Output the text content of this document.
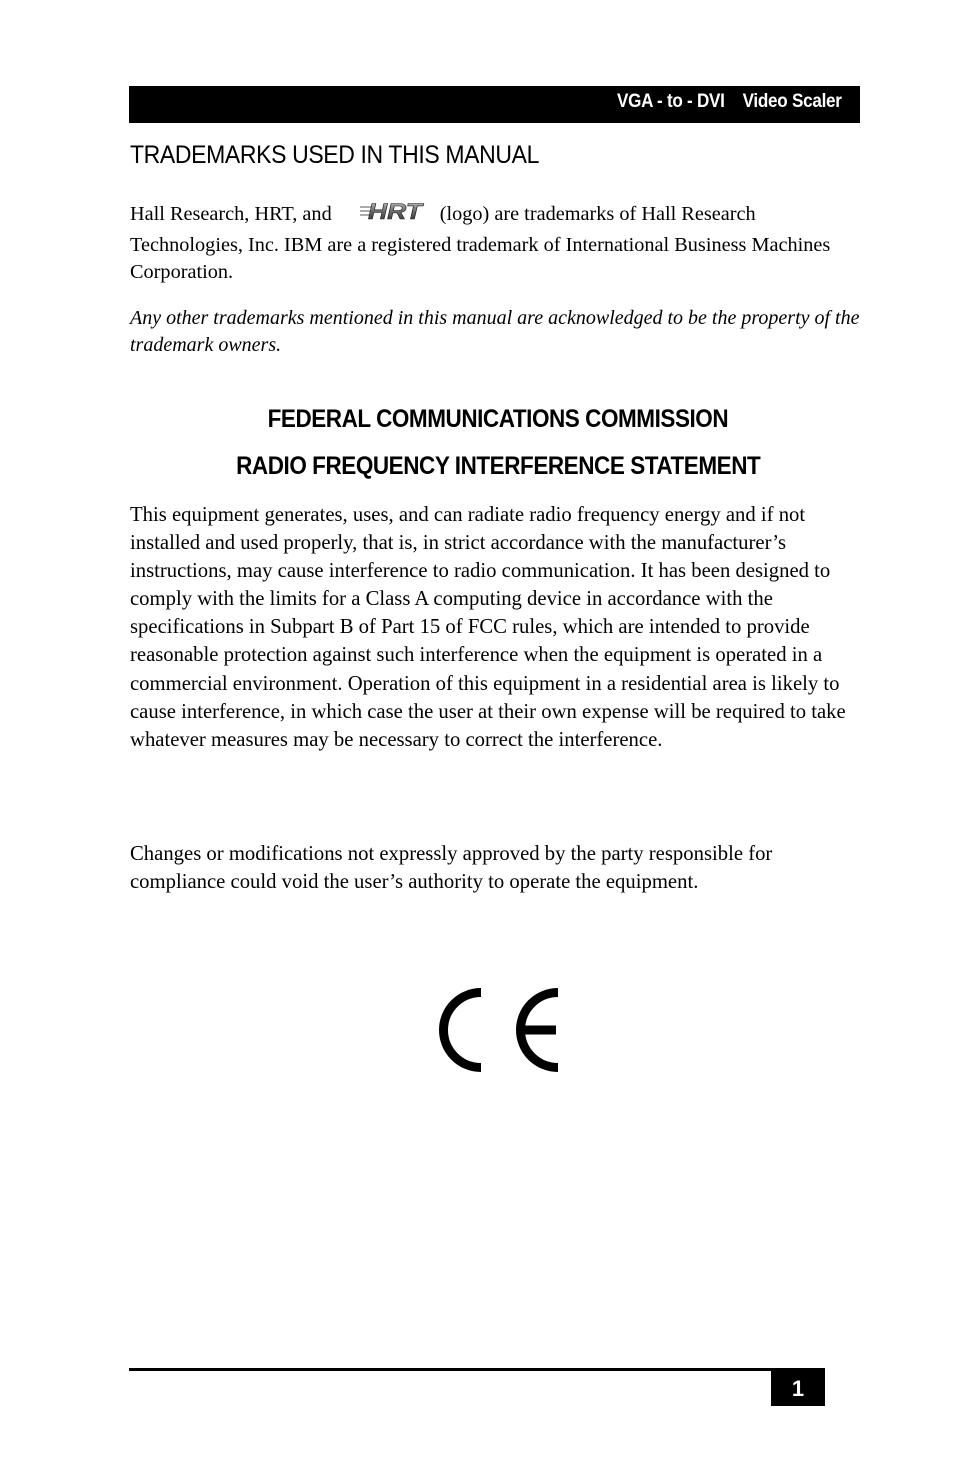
VGA - to - DVI    Video Scaler
TRADEMARKS USED IN THIS MANUAL

Hall Research, HRT, and HRT (logo) are trademarks of Hall Research Technologies, Inc. IBM are a registered trademark of International Business Machines Corporation.

Any other trademarks mentioned in this manual are acknowledged to be the property of the trademark owners.

FEDERAL COMMUNICATIONS COMMISSION
RADIO FREQUENCY INTERFERENCE STATEMENT

This equipment generates, uses, and can radiate radio frequency energy and if not installed and used properly, that is, in strict accordance with the manufacturer’s instructions, may cause interference to radio communication. It has been designed to comply with the limits for a Class A computing device in accordance with the specifications in Subpart B of Part 15 of FCC rules, which are intended to provide reasonable protection against such interference when the equipment is operated in a commercial environment. Operation of this equipment in a residential area is likely to cause interference, in which case the user at their own expense will be required to take whatever measures may be necessary to correct the interference.

Changes or modifications not expressly approved by the party responsible for compliance could void the user’s authority to operate the equipment.

1
